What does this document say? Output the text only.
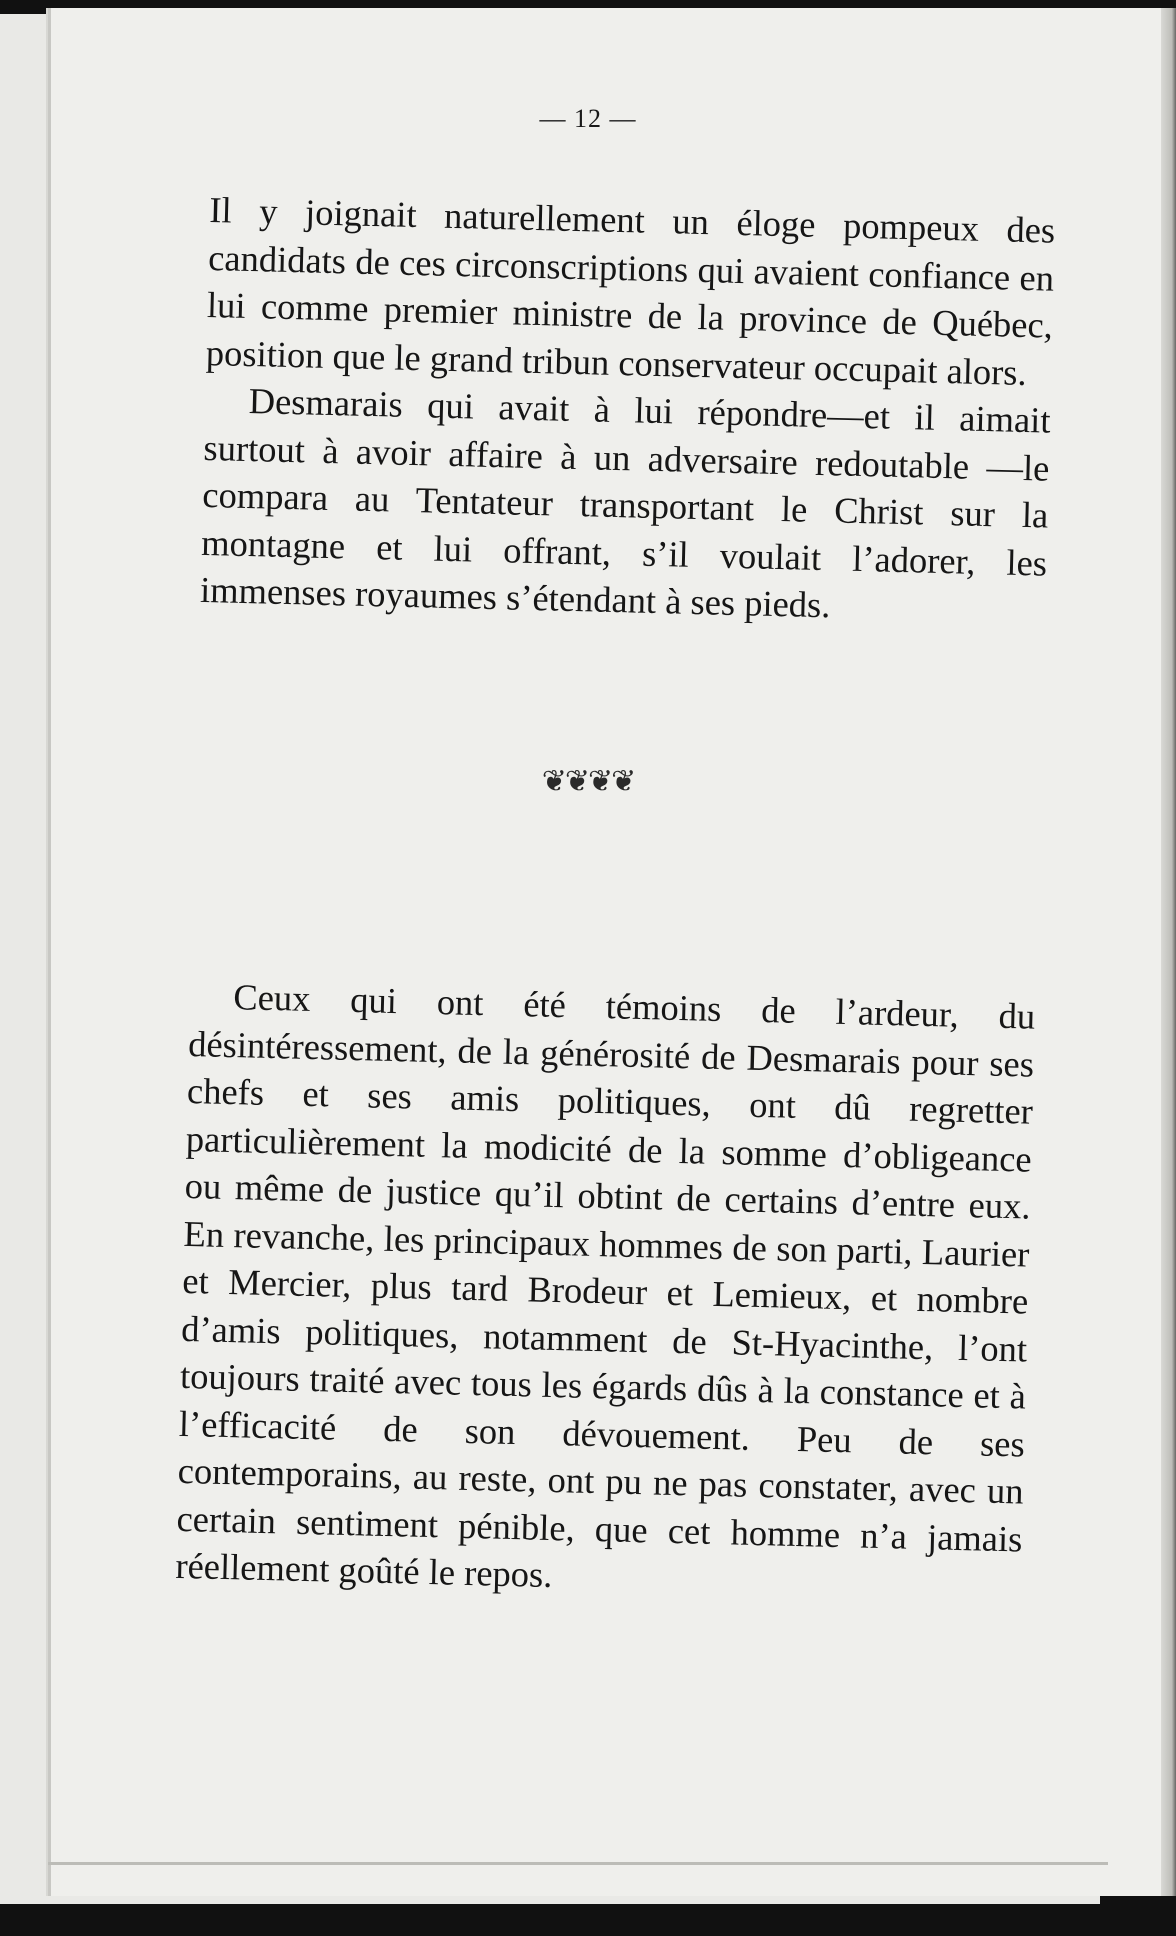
— 12 —

Il y joignait naturellement un éloge pompeux des candidats de ces circonscriptions qui avaient confiance en lui comme premier ministre de la province de Québec, position que le grand tribun conservateur occupait alors.

Desmarais qui avait à lui répondre—et il aimait surtout à avoir affaire à un adversaire redoutable —le compara au Tentateur transportant le Christ sur la montagne et lui offrant, s’il voulait l’adorer, les immenses royaumes s’étendant à ses pieds.

❦❦❦❦

Ceux qui ont été témoins de l’ardeur, du désintéressement, de la générosité de Desmarais pour ses chefs et ses amis politiques, ont dû regretter particulièrement la modicité de la somme d’obligeance ou même de justice qu’il obtint de certains d’entre eux. En revanche, les principaux hommes de son parti, Laurier et Mercier, plus tard Brodeur et Lemieux, et nombre d’amis politiques, notamment de St-Hyacinthe, l’ont toujours traité avec tous les égards dûs à la constance et à l’efficacité de son dévouement. Peu de ses contemporains, au reste, ont pu ne pas constater, avec un certain sentiment pénible, que cet homme n’a jamais réellement goûté le repos.
